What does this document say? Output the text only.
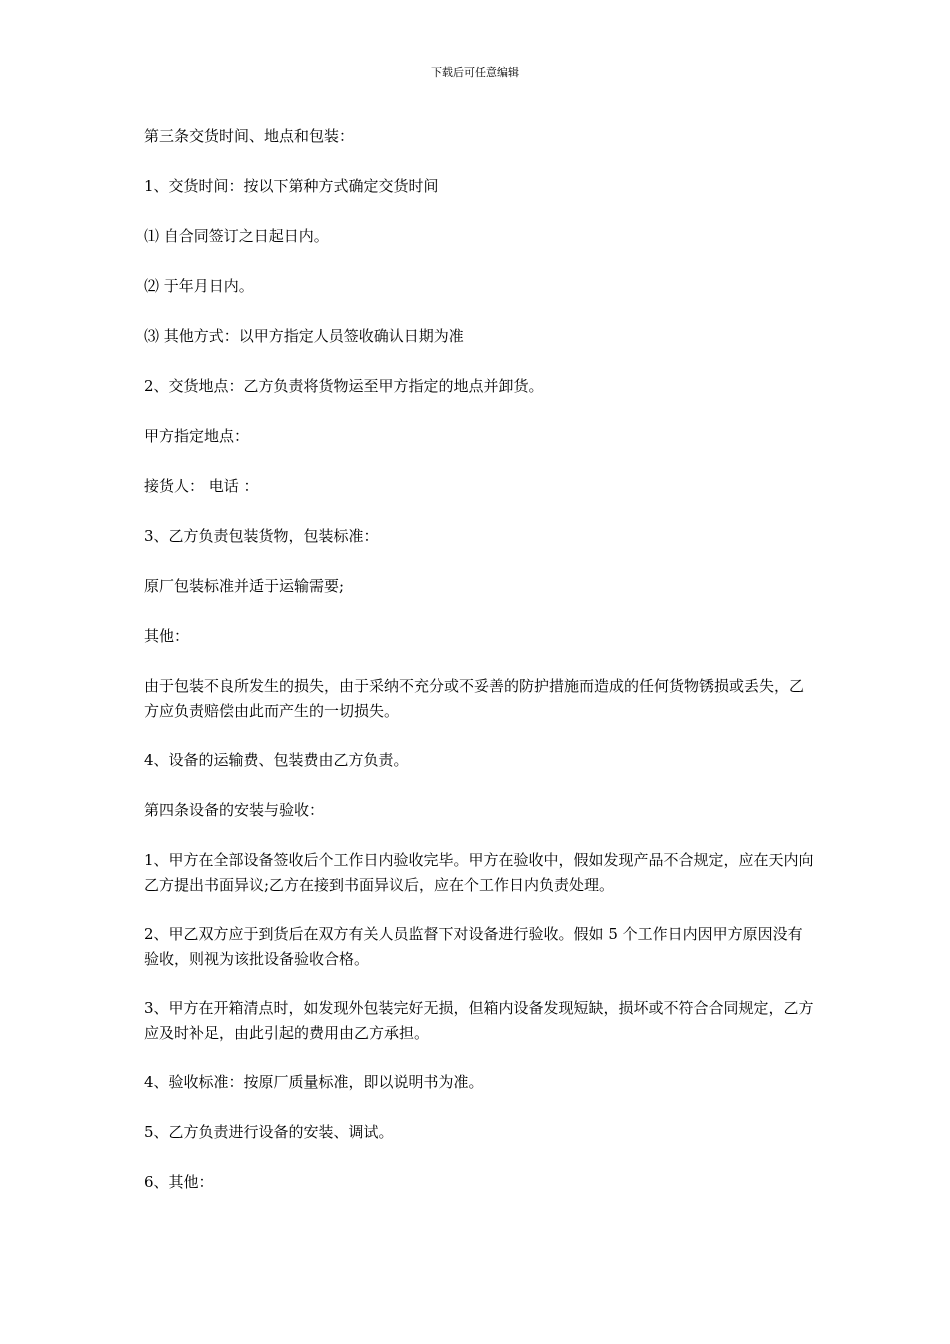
下载后可任意编辑
第三条交货时间、地点和包装：
1、交货时间：按以下第种方式确定交货时间
⑴ 自合同签订之日起日内。
⑵ 于年月日内。
⑶ 其他方式：以甲方指定人员签收确认日期为准
2、交货地点：乙方负责将货物运至甲方指定的地点并卸货。
甲方指定地点：
接货人： 电话 ：
3、乙方负责包装货物，包装标准：
原厂包装标准并适于运输需要;
其他：
由于包装不良所发生的损失，由于采纳不充分或不妥善的防护措施而造成的任何货物锈损或丢失，乙方应负责赔偿由此而产生的一切损失。
4、设备的运输费、包装费由乙方负责。
第四条设备的安装与验收：
1、甲方在全部设备签收后个工作日内验收完毕。甲方在验收中，假如发现产品不合规定，应在天内向乙方提出书面异议;乙方在接到书面异议后，应在个工作日内负责处理。
2、甲乙双方应于到货后在双方有关人员监督下对设备进行验收。假如 5 个工作日内因甲方原因没有验收，则视为该批设备验收合格。
3、甲方在开箱清点时，如发现外包装完好无损，但箱内设备发现短缺，损坏或不符合合同规定，乙方应及时补足，由此引起的费用由乙方承担。
4、验收标准：按原厂质量标准，即以说明书为准。
5、乙方负责进行设备的安装、调试。
6、其他：
